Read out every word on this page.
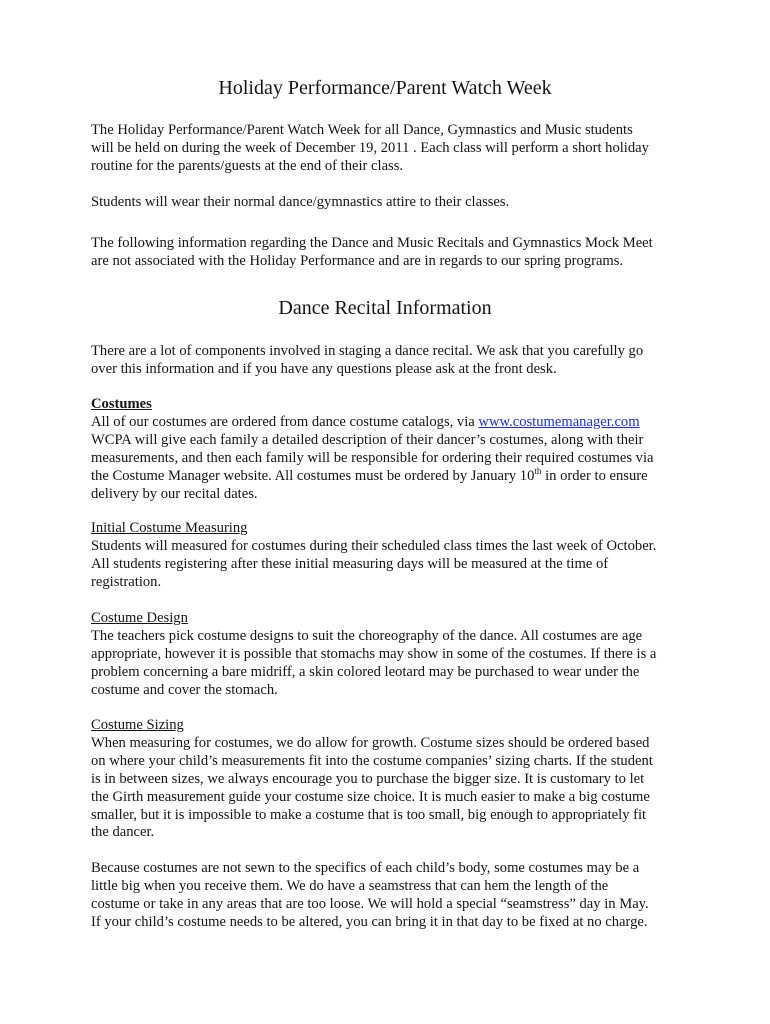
Holiday Performance/Parent Watch Week

The Holiday Performance/Parent Watch Week for all Dance, Gymnastics and Music students
will be held on during the week of December 19, 2011 . Each class will perform a short holiday
routine for the parents/guests at the end of their class.

Students will wear their normal dance/gymnastics attire to their classes.

The following information regarding the Dance and Music Recitals and Gymnastics Mock Meet
are not associated with the Holiday Performance and are in regards to our spring programs.

Dance Recital Information

There are a lot of components involved in staging a dance recital. We ask that you carefully go
over this information and if you have any questions please ask at the front desk.

Costumes
All of our costumes are ordered from dance costume catalogs, via www.costumemanager.com
WCPA will give each family a detailed description of their dancer’s costumes, along with their
measurements, and then each family will be responsible for ordering their required costumes via
the Costume Manager website. All costumes must be ordered by January 10th in order to ensure
delivery by our recital dates.
Initial Costume Measuring
Students will measured for costumes during their scheduled class times the last week of October.
All students registering after these initial measuring days will be measured at the time of
registration.
Costume Design
The teachers pick costume designs to suit the choreography of the dance. All costumes are age
appropriate, however it is possible that stomachs may show in some of the costumes. If there is a
problem concerning a bare midriff, a skin colored leotard may be purchased to wear under the
costume and cover the stomach.
Costume Sizing
When measuring for costumes, we do allow for growth. Costume sizes should be ordered based
on where your child’s measurements fit into the costume companies’ sizing charts. If the student
is in between sizes, we always encourage you to purchase the bigger size. It is customary to let
the Girth measurement guide your costume size choice. It is much easier to make a big costume
smaller, but it is impossible to make a costume that is too small, big enough to appropriately fit
the dancer.

Because costumes are not sewn to the specifics of each child’s body, some costumes may be a
little big when you receive them. We do have a seamstress that can hem the length of the
costume or take in any areas that are too loose. We will hold a special “seamstress” day in May.
If your child’s costume needs to be altered, you can bring it in that day to be fixed at no charge.
